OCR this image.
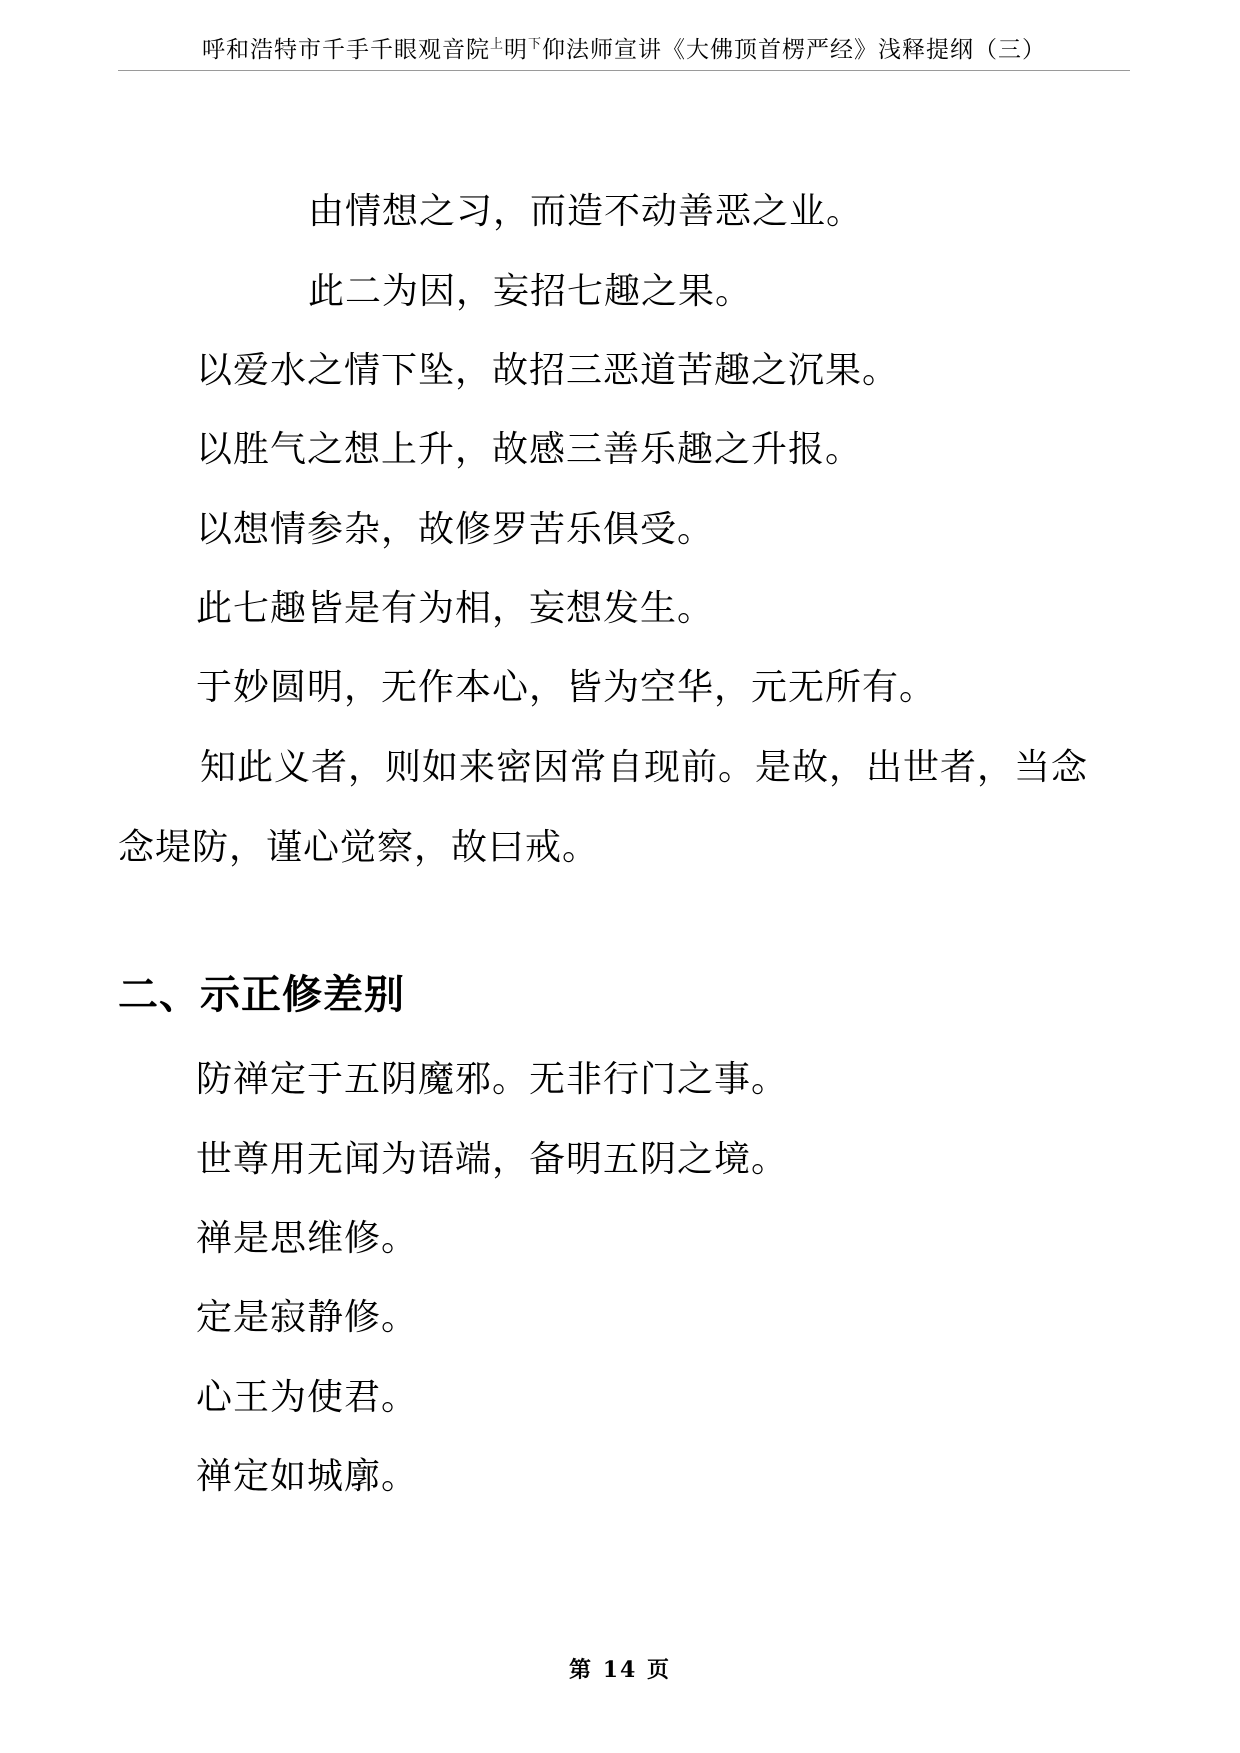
呼和浩特市千手千眼观音院$^上$明$^下$仰法师宣讲《大佛顶首楞严经》浅释提纲（三）
由情想之习，而造不动善恶之业。
此二为因，妄招七趣之果。
以爱水之情下坠，故招三恶道苦趣之沉果。
以胜气之想上升，故感三善乐趣之升报。
以想情参杂，故修罗苦乐俱受。
此七趣皆是有为相，妄想发生。
于妙圆明，无作本心，皆为空华，元无所有。
知此义者，则如来密因常自现前。是故，出世者，当念
念堤防，谨心觉察，故曰戒。
二、示正修差别
防禅定于五阴魔邪。无非行门之事。
世尊用无闻为语端，备明五阴之境。
禅是思维修。
定是寂静修。
心王为使君。
禅定如城廓。
第 14 页
